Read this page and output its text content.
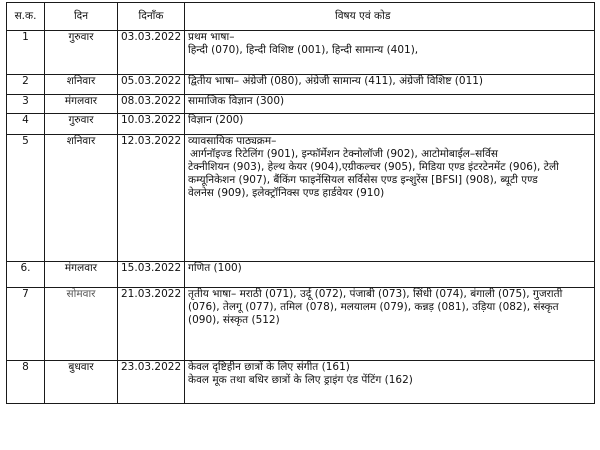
स.क.	दिन	दिनॉंक	विषय एवं कोड
1	गुरुवार	03.03.2022	प्रथम भाषा–
हिन्दी (070), हिन्दी विशिष्ट (001), हिन्दी सामान्य (401),

2	शनिवार	05.03.2022	द्वितीय भाषा– अंग्रेजी (080), अंग्रेजी सामान्य (411), अंग्रेजी विशिष्ट (011)

3	मंगलवार	08.03.2022	सामाजिक विज्ञान (300)

4	गुरुवार	10.03.2022	विज्ञान (200)

5	शनिवार	12.03.2022	व्यावसायिक पाठ्यक्रम–
आर्गनॉइज्ड रिटेलिंग (901), इन्फॉर्मेशन टेक्नोलॉजी (902), आटोमोबाईल–सर्विस
टेक्नीशियन (903), हेल्थ केयर (904),एग्रीकल्चर (905), मिडिया एण्ड इंटरटेनमेंट (906), टेली
कम्यूनिकेशन (907), बैंकिंग फाइनेंसियल सर्विसेस एण्ड इन्शुरेंस [BFSI] (908), ब्यूटी एण्ड
वेलनेस (909), इलेक्ट्रॉनिक्स एण्ड हार्डवेयर (910)

6.	मंगलवार	15.03.2022	गणित (100)

7	सोमवार	21.03.2022	तृतीय भाषा– मराठी (071), उर्दू (072), पंजाबी (073), सिंधी (074), बंगाली (075), गुजराती
(076), तेलगू (077), तमिल (078), मलयालम (079), कन्नड़ (081), उड़िया (082), संस्कृत
(090), संस्कृत (512)

8	बुधवार	23.03.2022	केवल दृष्टिहीन छात्रों के लिए संगीत (161)
केवल मूक तथा बधिर छात्रों के लिए ड्राइंग एंड पेंटिंग (162)
